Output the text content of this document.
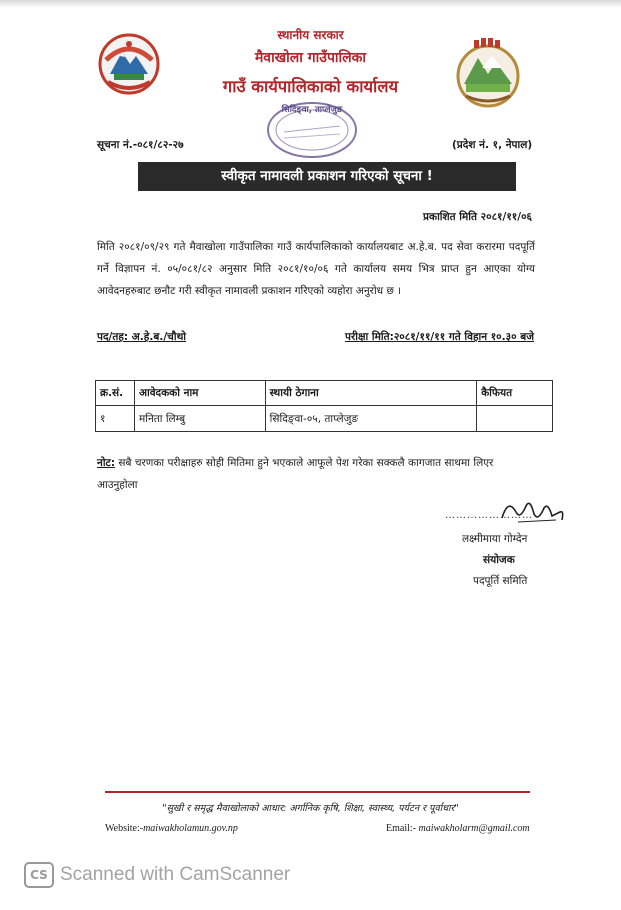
स्थानीय सरकार
मैवाखोला गाउँपालिका
गाउँ कार्यपालिकाको कार्यालय
सिदिङ्वा, ताप्लेजुङ
सूचना नं.-०८१/८२-२७	(प्रदेश नं. १, नेपाल)
स्वीकृत नामावली प्रकाशन गरिएको सूचना !
प्रकाशित मिति २०८१/११/०६
मिति २०८१/०९/२९ गते मैवाखोला गाउँपालिका गाउँ कार्यपालिकाको कार्यालयबाट अ.हे.ब. पद सेवा करारमा पदपूर्ति गर्ने विज्ञापन नं. ०५/०८१/८२ अनुसार मिति २०८१/१०/०६ गते कार्यालय समय भित्र प्राप्त हुन आएका योग्य आवेदनहरुबाट छनौट गरी स्वीकृत नामावली प्रकाशन गरिएको व्यहोरा अनुरोध छ ।
पद/तह: अ.हे.ब./चौथो	परीक्षा मिति:२०८१/११/११ गते विहान १०.३० बजे
क्र.सं.	आवेदकको नाम	स्थायी ठेगाना	कैफियत
१	मनिता लिम्बु	सिदिङ्वा-०५, ताप्लेजुङ	
नोट: सबै चरणका परीक्षाहरु सोही मितिमा हुने भएकाले आफूले पेश गरेका सक्कलै कागजात साथमा लिएर आउनुहोला
……………………
लक्ष्मीमाया गोम्देन
संयोजक
पदपूर्ति समिति
"सुखी र समृद्ध मैवाखोलाको आधार: अर्गानिक कृषि, शिक्षा, स्वास्थ्य, पर्यटन र पूर्वाधार"
Website:-maiwakholamun.gov.np	Email:- maiwakholarm@gmail.com
CS Scanned with CamScanner
